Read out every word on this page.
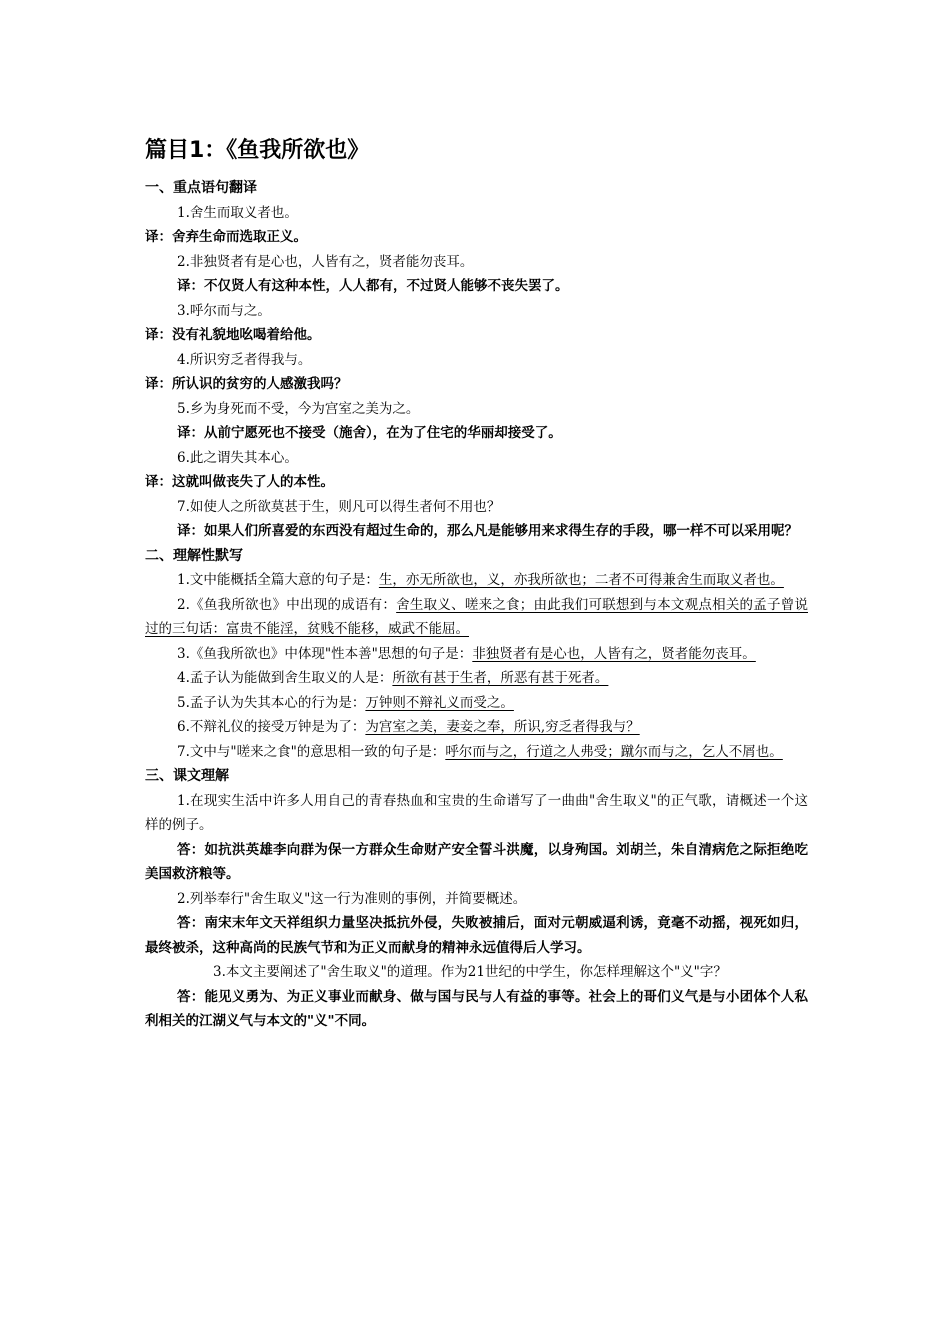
篇目1：《鱼我所欲也》
一、重点语句翻译
1.舍生而取义者也。
译：舍弃生命而选取正义。
2.非独贤者有是心也，人皆有之，贤者能勿丧耳。
译：不仅贤人有这种本性，人人都有，不过贤人能够不丧失罢了。
3.呼尔而与之。
译：没有礼貌地吆喝着给他。
4.所识穷乏者得我与。
译：所认识的贫穷的人感激我吗？
5.乡为身死而不受，今为宫室之美为之。
译：从前宁愿死也不接受（施舍），在为了住宅的华丽却接受了。
6.此之谓失其本心。
译：这就叫做丧失了人的本性。
7.如使人之所欲莫甚于生，则凡可以得生者何不用也？
译：如果人们所喜爱的东西没有超过生命的，那么凡是能够用来求得生存的手段，哪一样不可以采用呢？
二、理解性默写
1.文中能概括全篇大意的句子是：生，亦无所欲也，义，亦我所欲也；二者不可得兼舍生而取义者也。
2.《鱼我所欲也》中出现的成语有：舍生取义、嗟来之食；由此我们可联想到与本文观点相关的孟子曾说过的三句话：富贵不能淫，贫贱不能移，威武不能屈。
3.《鱼我所欲也》中体现"性本善"思想的句子是：非独贤者有是心也，人皆有之，贤者能勿丧耳。
4.孟子认为能做到舍生取义的人是：所欲有甚于生者，所恶有甚于死者。
5.孟子认为失其本心的行为是：万钟则不辩礼义而受之。
6.不辩礼仪的接受万钟是为了：为宫室之美，妻妾之奉，所识,穷乏者得我与？
7.文中与"嗟来之食"的意思相一致的句子是：呼尔而与之，行道之人弗受；蹴尔而与之，乞人不屑也。
三、课文理解
1.在现实生活中许多人用自己的青春热血和宝贵的生命谱写了一曲曲"舍生取义"的正气歌，请概述一个这样的例子。
答：如抗洪英雄李向群为保一方群众生命财产安全誓斗洪魔，以身殉国。刘胡兰，朱自清病危之际拒绝吃美国救济粮等。
2.列举奉行"舍生取义"这一行为准则的事例，并简要概述。
答：南宋末年文天祥组织力量坚决抵抗外侵，失败被捕后，面对元朝威逼利诱，竟毫不动摇，视死如归，最终被杀，这种高尚的民族气节和为正义而献身的精神永远值得后人学习。
3.本文主要阐述了"舍生取义"的道理。作为21世纪的中学生，你怎样理解这个"义"字？
答：能见义勇为、为正义事业而献身、做与国与民与人有益的事等。社会上的哥们义气是与小团体个人私利相关的江湖义气与本文的"义"不同。
